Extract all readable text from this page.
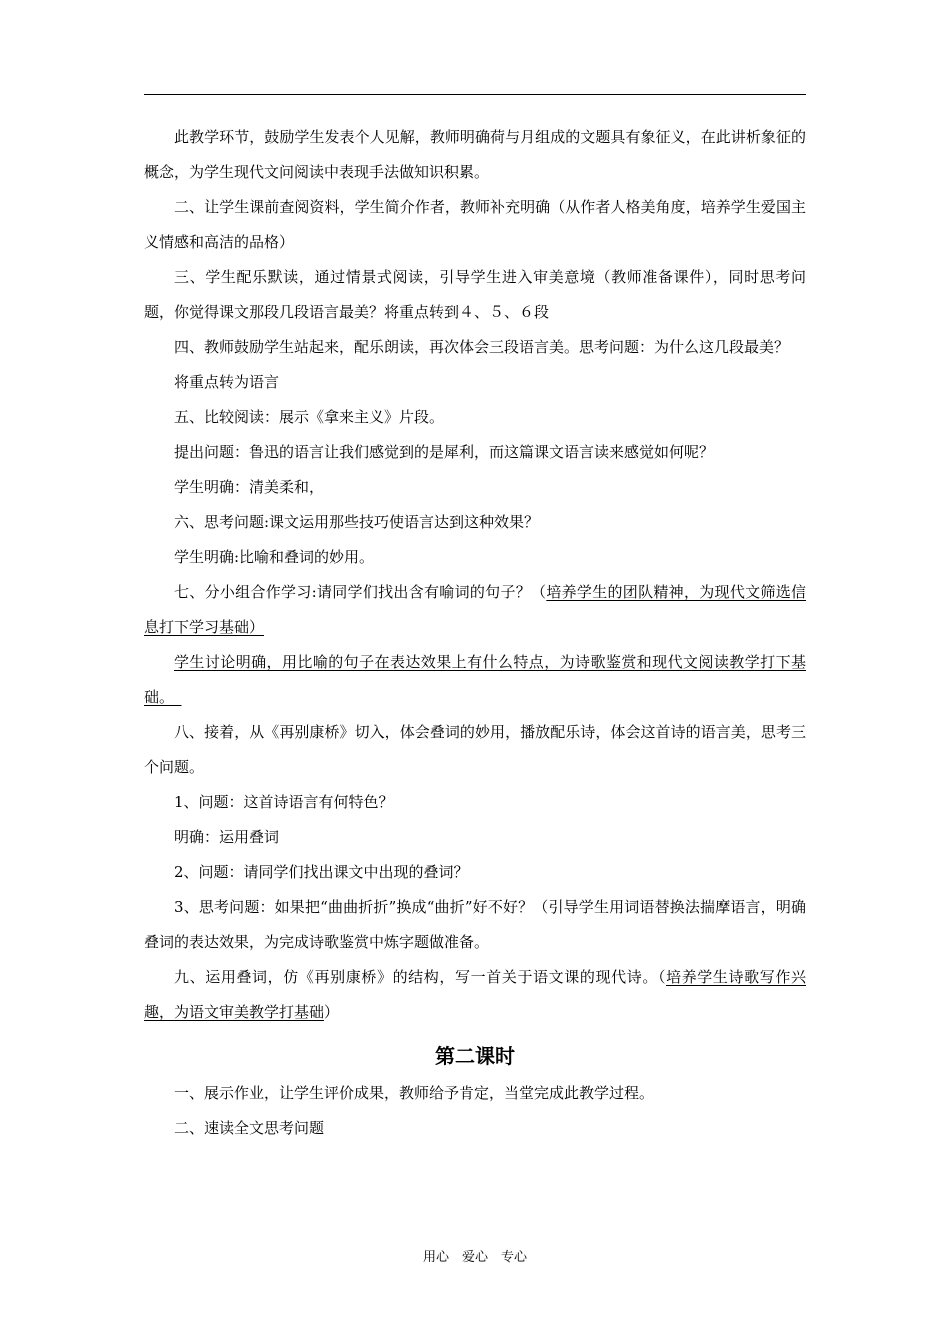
此教学环节，鼓励学生发表个人见解，教师明确荷与月组成的文题具有象征义，在此讲析象征的概念，为学生现代文问阅读中表现手法做知识积累。

二、让学生课前查阅资料，学生简介作者，教师补充明确（从作者人格美角度，培养学生爱国主义情感和高洁的品格）

三、学生配乐默读，通过情景式阅读，引导学生进入审美意境（教师准备课件），同时思考问题，你觉得课文那段几段语言最美？将重点转到４、５、６段

四、教师鼓励学生站起来，配乐朗读，再次体会三段语言美。思考问题：为什么这几段最美？

将重点转为语言

五、比较阅读：展示《拿来主义》片段。

提出问题：鲁迅的语言让我们感觉到的是犀利，而这篇课文语言读来感觉如何呢？

学生明确：清美柔和，

六、思考问题:课文运用那些技巧使语言达到这种效果？

学生明确:比喻和叠词的妙用。

七、分小组合作学习:请同学们找出含有喻词的句子？（培养学生的团队精神，为现代文筛选信息打下学习基础）

学生讨论明确，用比喻的句子在表达效果上有什么特点，为诗歌鉴赏和现代文阅读教学打下基础。　

八、接着，从《再别康桥》切入，体会叠词的妙用，播放配乐诗，体会这首诗的语言美，思考三个问题。

1、问题：这首诗语言有何特色？

明确：运用叠词

2、问题：请同学们找出课文中出现的叠词？

3、思考问题：如果把“曲曲折折”换成“曲折”好不好？（引导学生用词语替换法揣摩语言，明确叠词的表达效果，为完成诗歌鉴赏中炼字题做准备。

九、运用叠词，仿《再别康桥》的结构，写一首关于语文课的现代诗。（培养学生诗歌写作兴趣，为语文审美教学打基础）

第二课时

一、展示作业，让学生评价成果，教师给予肯定，当堂完成此教学过程。

二、速读全文思考问题

用心　爱心　专心
